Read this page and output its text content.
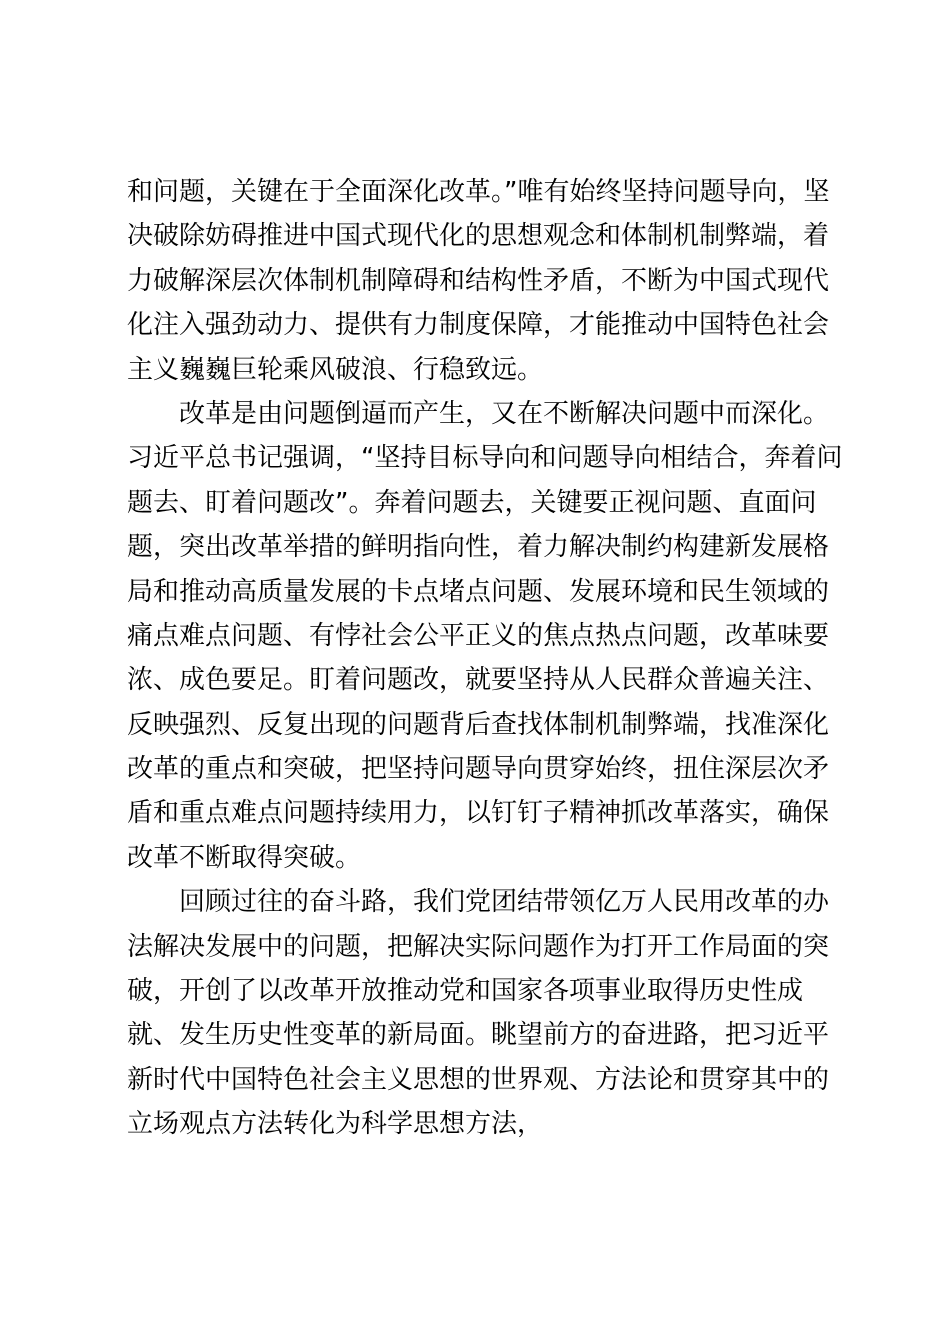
和问题，关键在于全面深化改革。”唯有始终坚持问题导向，坚
决破除妨碍推进中国式现代化的思想观念和体制机制弊端，着
力破解深层次体制机制障碍和结构性矛盾，不断为中国式现代
化注入强劲动力、提供有力制度保障，才能推动中国特色社会
主义巍巍巨轮乘风破浪、行稳致远。

改革是由问题倒逼而产生，又在不断解决问题中而深化。
习近平总书记强调，“坚持目标导向和问题导向相结合，奔着问
题去、盯着问题改”。奔着问题去，关键要正视问题、直面问
题，突出改革举措的鲜明指向性，着力解决制约构建新发展格
局和推动高质量发展的卡点堵点问题、发展环境和民生领域的
痛点难点问题、有悖社会公平正义的焦点热点问题，改革味要
浓、成色要足。盯着问题改，就要坚持从人民群众普遍关注、
反映强烈、反复出现的问题背后查找体制机制弊端，找准深化
改革的重点和突破，把坚持问题导向贯穿始终，扭住深层次矛
盾和重点难点问题持续用力，以钉钉子精神抓改革落实，确保
改革不断取得突破。

回顾过往的奋斗路，我们党团结带领亿万人民用改革的办
法解决发展中的问题，把解决实际问题作为打开工作局面的突
破，开创了以改革开放推动党和国家各项事业取得历史性成
就、发生历史性变革的新局面。眺望前方的奋进路，把习近平
新时代中国特色社会主义思想的世界观、方法论和贯穿其中的
立场观点方法转化为科学思想方法，
